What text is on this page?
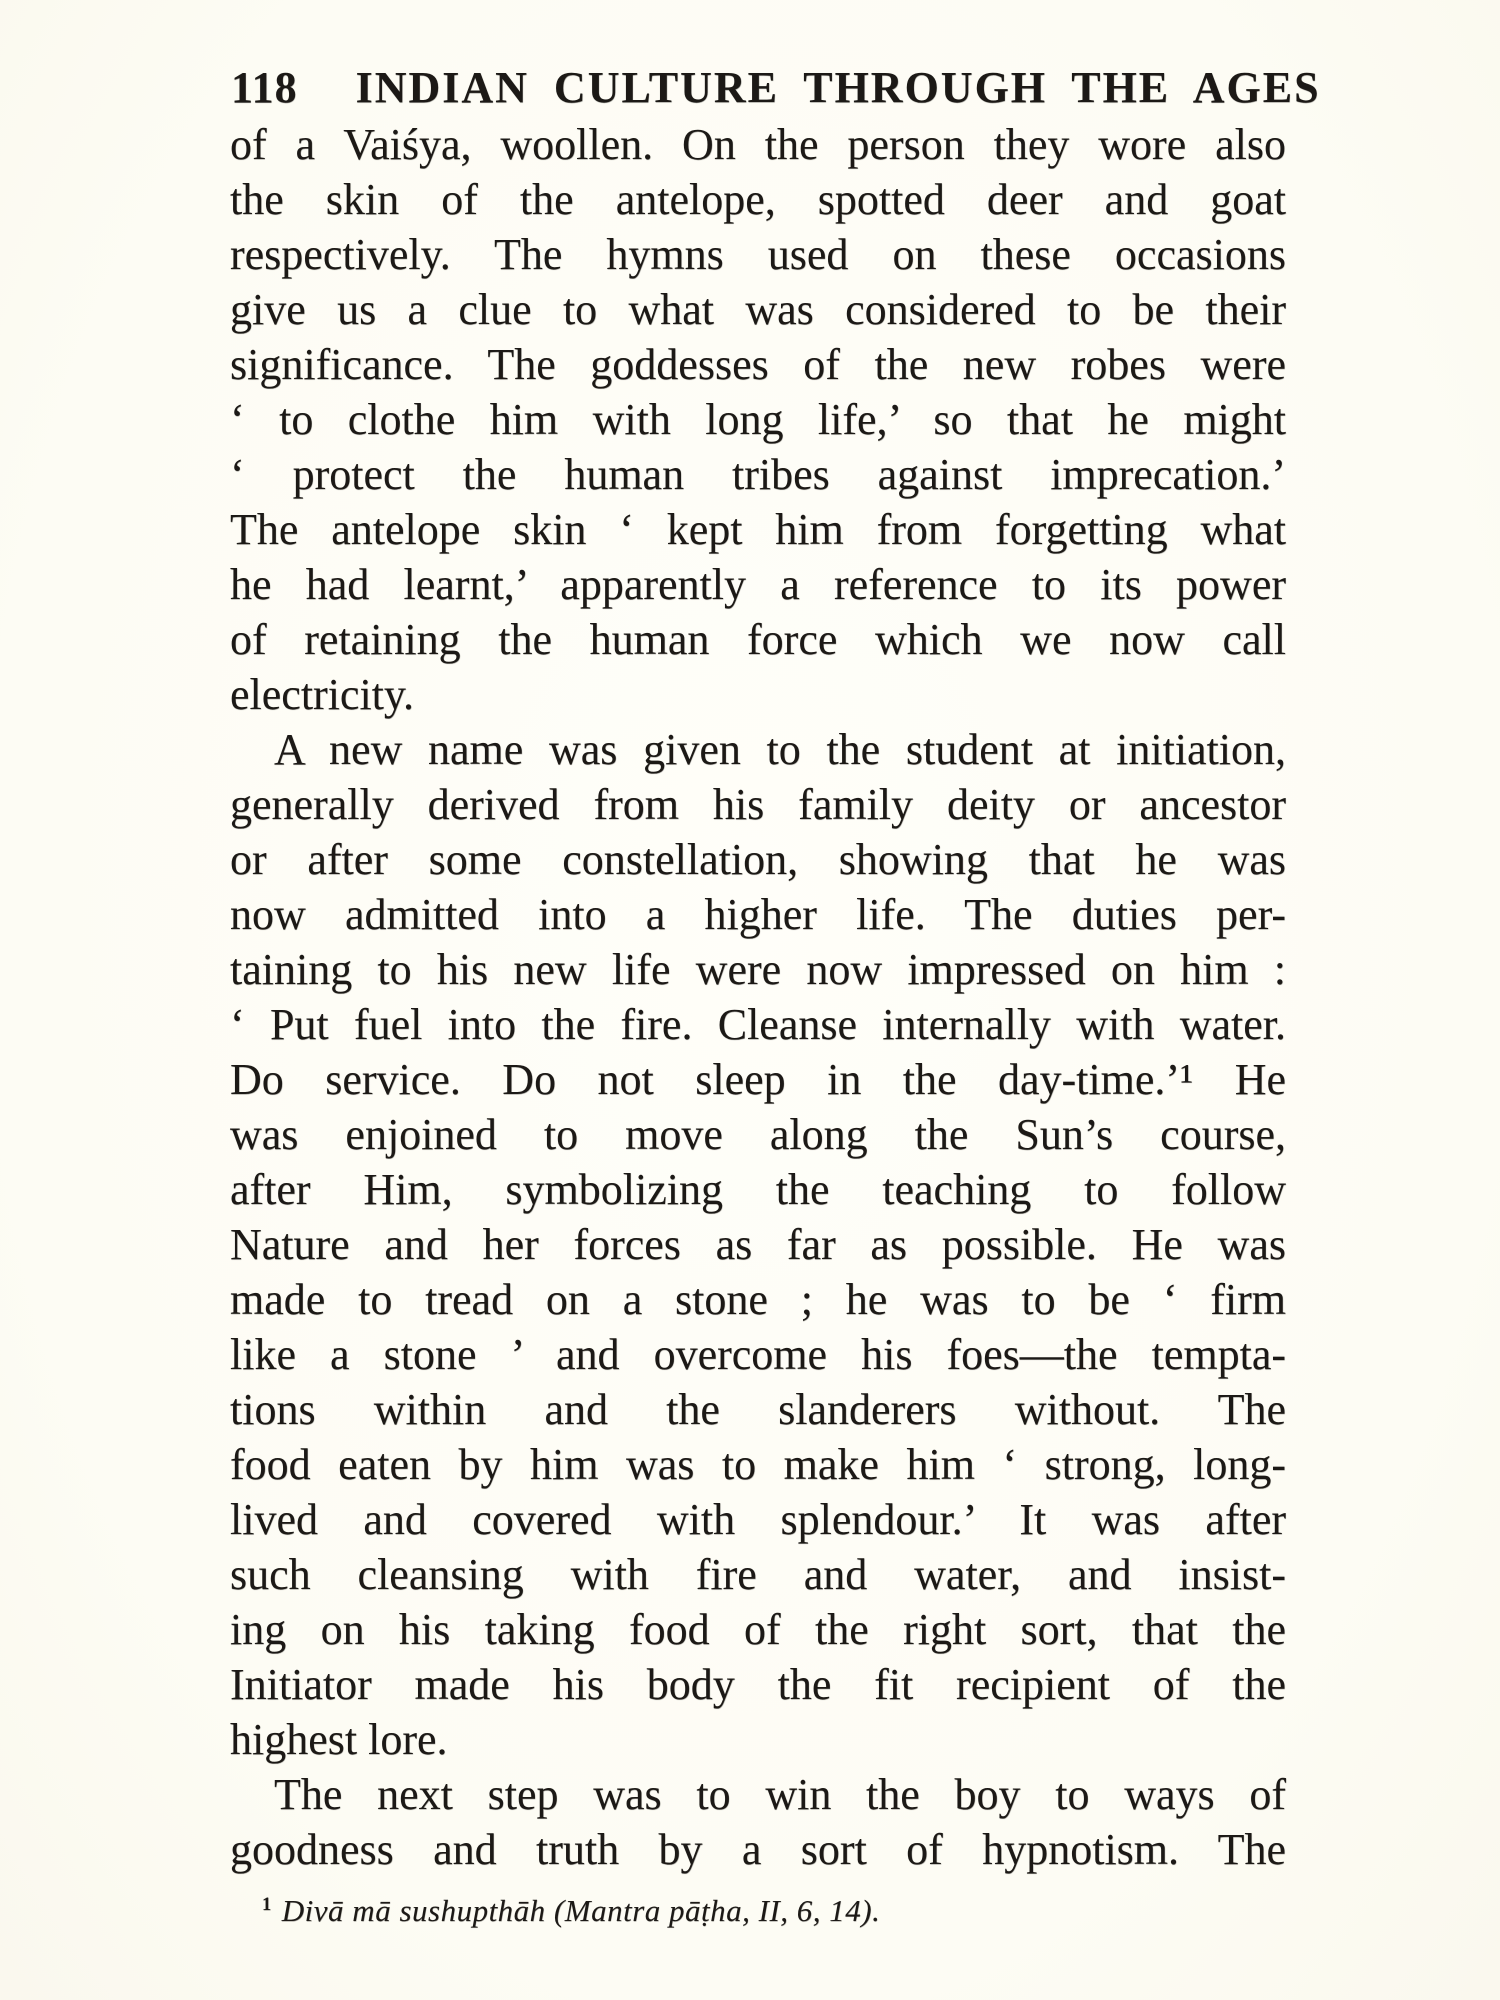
118 INDIAN CULTURE THROUGH THE AGES
of a Vaiśya, woollen. On the person they wore also
the skin of the antelope, spotted deer and goat
respectively. The hymns used on these occasions
give us a clue to what was considered to be their
significance. The goddesses of the new robes were
‘ to clothe him with long life,’ so that he might
‘ protect the human tribes against imprecation.’
The antelope skin ‘ kept him from forgetting what
he had learnt,’ apparently a reference to its power
of retaining the human force which we now call
electricity.
A new name was given to the student at initiation,
generally derived from his family deity or ancestor
or after some constellation, showing that he was
now admitted into a higher life. The duties per-
taining to his new life were now impressed on him :
‘ Put fuel into the fire. Cleanse internally with water.
Do service. Do not sleep in the day-time.’¹ He
was enjoined to move along the Sun’s course,
after Him, symbolizing the teaching to follow
Nature and her forces as far as possible. He was
made to tread on a stone ; he was to be ‘ firm
like a stone ’ and overcome his foes—the tempta-
tions within and the slanderers without. The
food eaten by him was to make him ‘ strong, long-
lived and covered with splendour.’ It was after
such cleansing with fire and water, and insist-
ing on his taking food of the right sort, that the
Initiator made his body the fit recipient of the
highest lore.
The next step was to win the boy to ways of
goodness and truth by a sort of hypnotism. The
$^1$ Divā mā sushupthāh (Mantra pāṭha, II, 6, 14).
